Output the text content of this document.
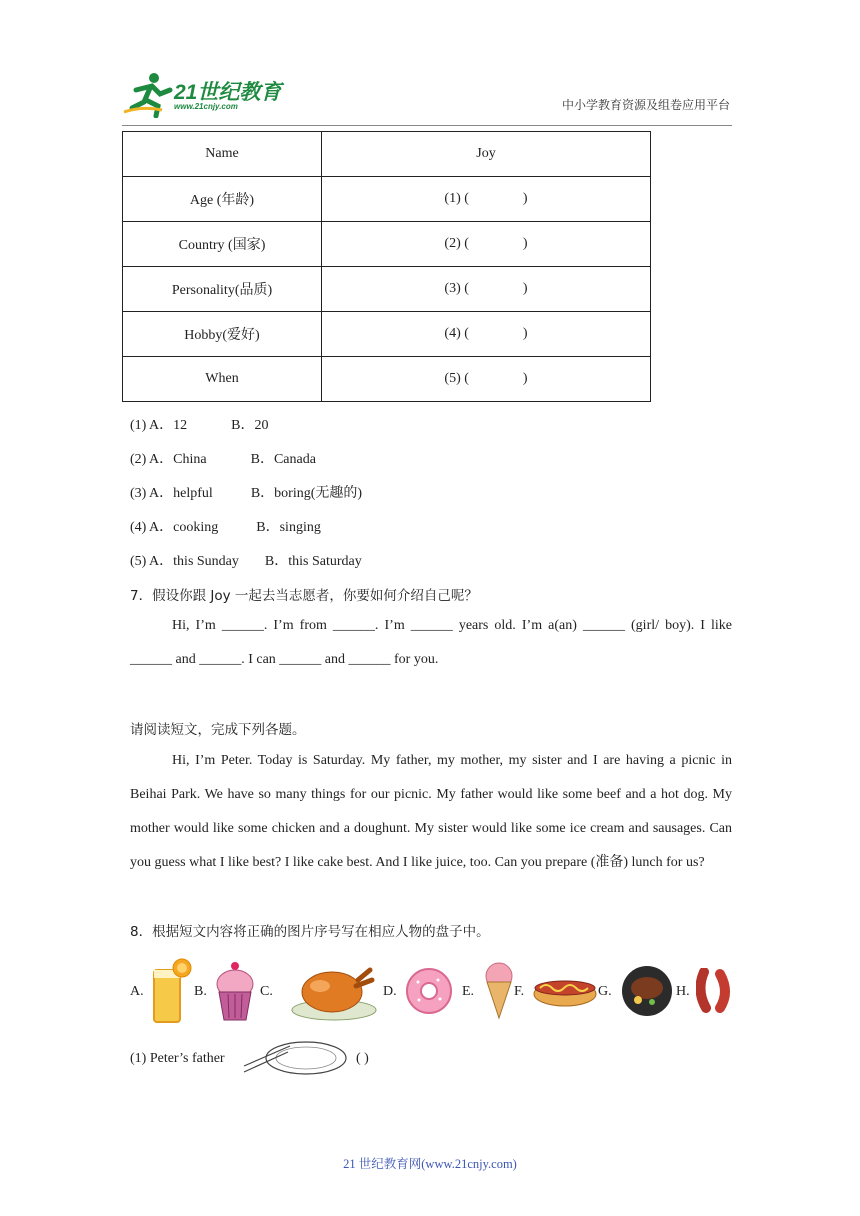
21世纪教育
www.21cnjy.com	中小学教育资源及组卷应用平台
Name	Joy
Age (年龄)	(1) ( )
Country (国家)	(2) ( )
Personality(品质)	(3) ( )
Hobby(爱好)	(4) ( )
When	(5) ( )
(1) A．12	B．20
(2) A．China	B．Canada
(3) A．helpful	B．boring(无趣的)
(4) A．cooking	B．singing
(5) A．this Sunday B．this Saturday
7．假设你跟 Joy 一起去当志愿者，你要如何介绍自己呢？
Hi, I’m ______. I’m from ______. I’m ______ years old. I’m a(an) ______ (girl/ boy). I like ______ and ______. I can ______ and ______ for you.
请阅读短文，完成下列各题。
Hi, I’m Peter. Today is Saturday. My father, my mother, my sister and I are having a picnic in Beihai Park. We have so many things for our picnic. My father would like some beef and a hot dog. My mother would like some chicken and a doughunt. My sister would like some ice cream and sausages. Can you guess what I like best? I like cake best. And I like juice, too. Can you prepare (准备) lunch for us?
8．根据短文内容将正确的图片序号写在相应人物的盘子中。
A.	B.	C.	D.	E.	F.	G.	H.
(1) Peter’s father	( )
21 世纪教育网(www.21cnjy.com)
